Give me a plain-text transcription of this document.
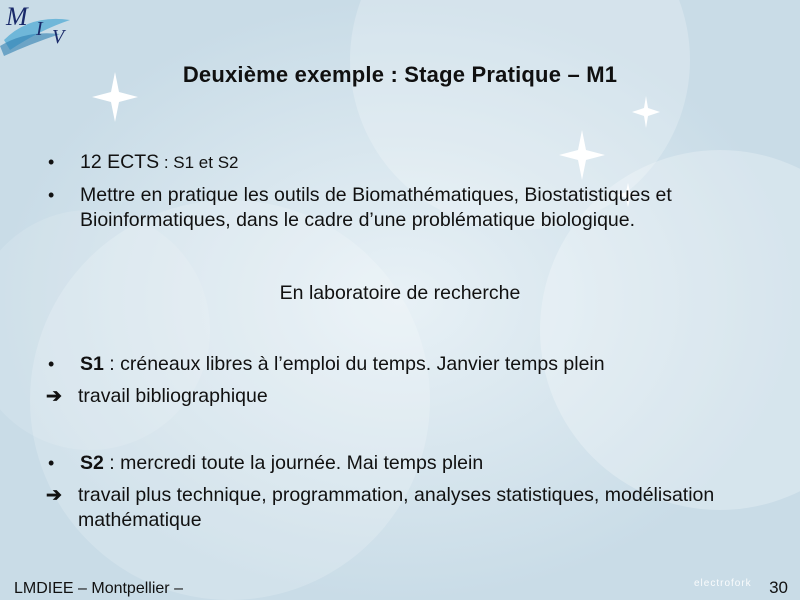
M I V
Deuxième exemple : Stage Pratique – M1
• 12 ECTS : S1 et S2
• Mettre en pratique les outils de Biomathématiques, Biostatistiques et Bioinformatiques, dans le cadre d’une problématique biologique.
En laboratoire de recherche
• S1 : créneaux libres à l’emploi du temps. Janvier temps plein
➔ travail bibliographique
• S2 : mercredi toute la journée. Mai temps plein
➔ travail plus technique, programmation, analyses statistiques, modélisation mathématique
LMDIEE – Montpellier –	electrofork 30
